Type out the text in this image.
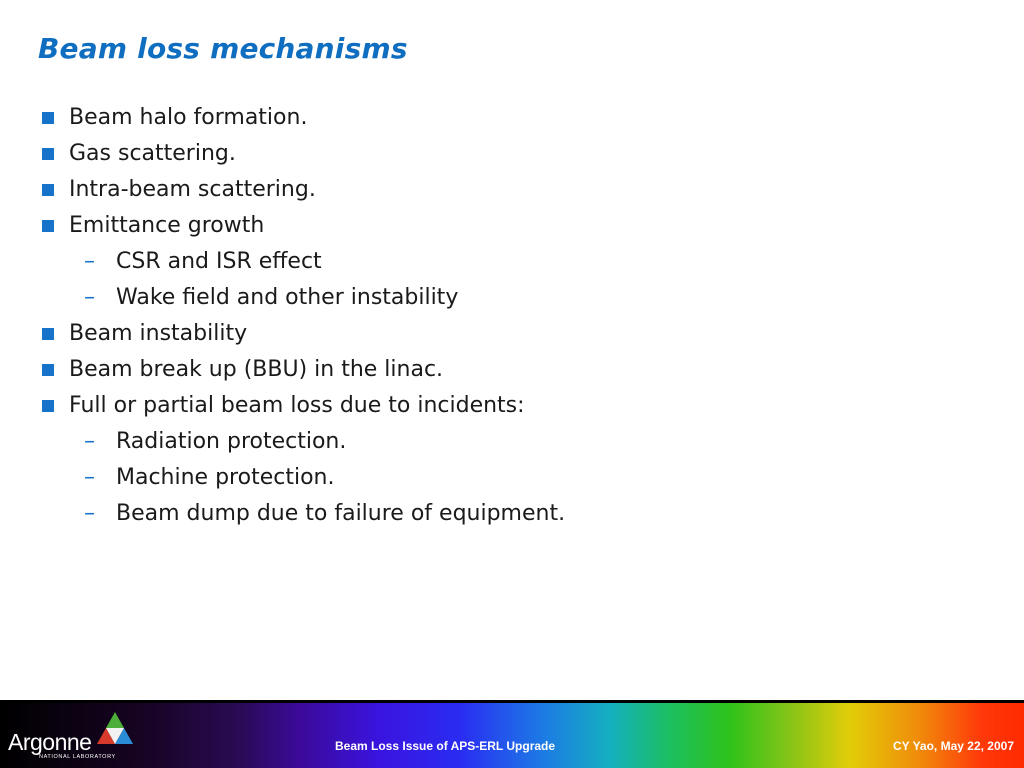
Beam loss mechanisms
Beam halo formation.
Gas scattering.
Intra-beam scattering.
Emittance growth
– CSR and ISR effect
– Wake field and other instability
Beam instability
Beam break up (BBU) in the linac.
Full or partial beam loss due to incidents:
– Radiation protection.
– Machine protection.
– Beam dump due to failure of equipment.
Argonne
NATIONAL LABORATORY
Beam Loss Issue of APS-ERL Upgrade	CY Yao, May 22, 2007
